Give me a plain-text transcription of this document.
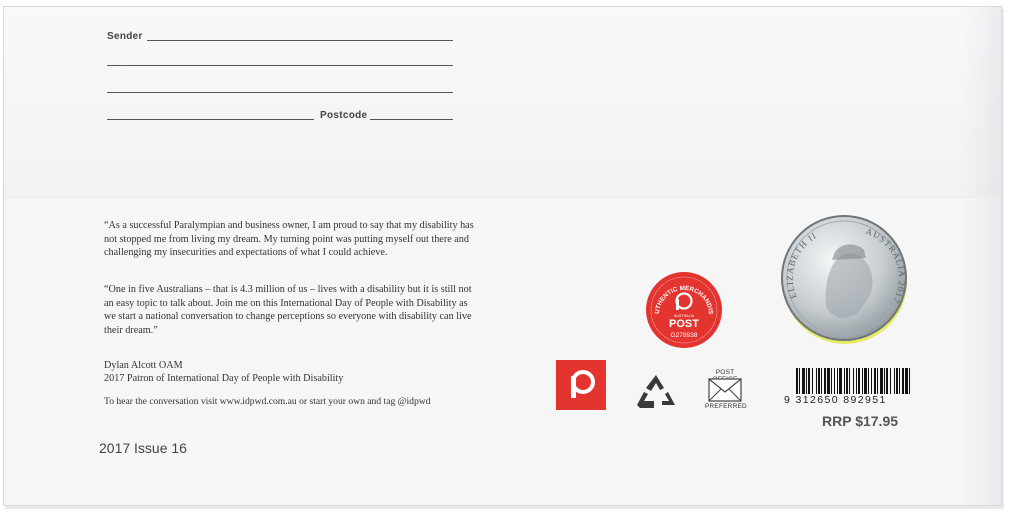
Sender
Postcode

“As a successful Paralympian and business owner, I am proud to say that my disability has not stopped me from living my dream. My turning point was putting myself out there and challenging my insecurities and expectations of what I could achieve.

“One in five Australians – that is 4.3 million of us – lives with a disability but it is still not an easy topic to talk about. Join me on this International Day of People with Disability as we start a national conversation to change perceptions so everyone with disability can live their dream.”

Dylan Alcott OAM
2017 Patron of International Day of People with Disability
To hear the conversation visit www.idpwd.com.au or start your own and tag @idpwd
2017 Issue 16
UTHENTIC MERCHANDIS
AUSTRALIA
POST
G278938
ELIZABETH II	AUSTRALIA 2017
POST
PREFERRED
9 312650 892951
RRP $17.95
